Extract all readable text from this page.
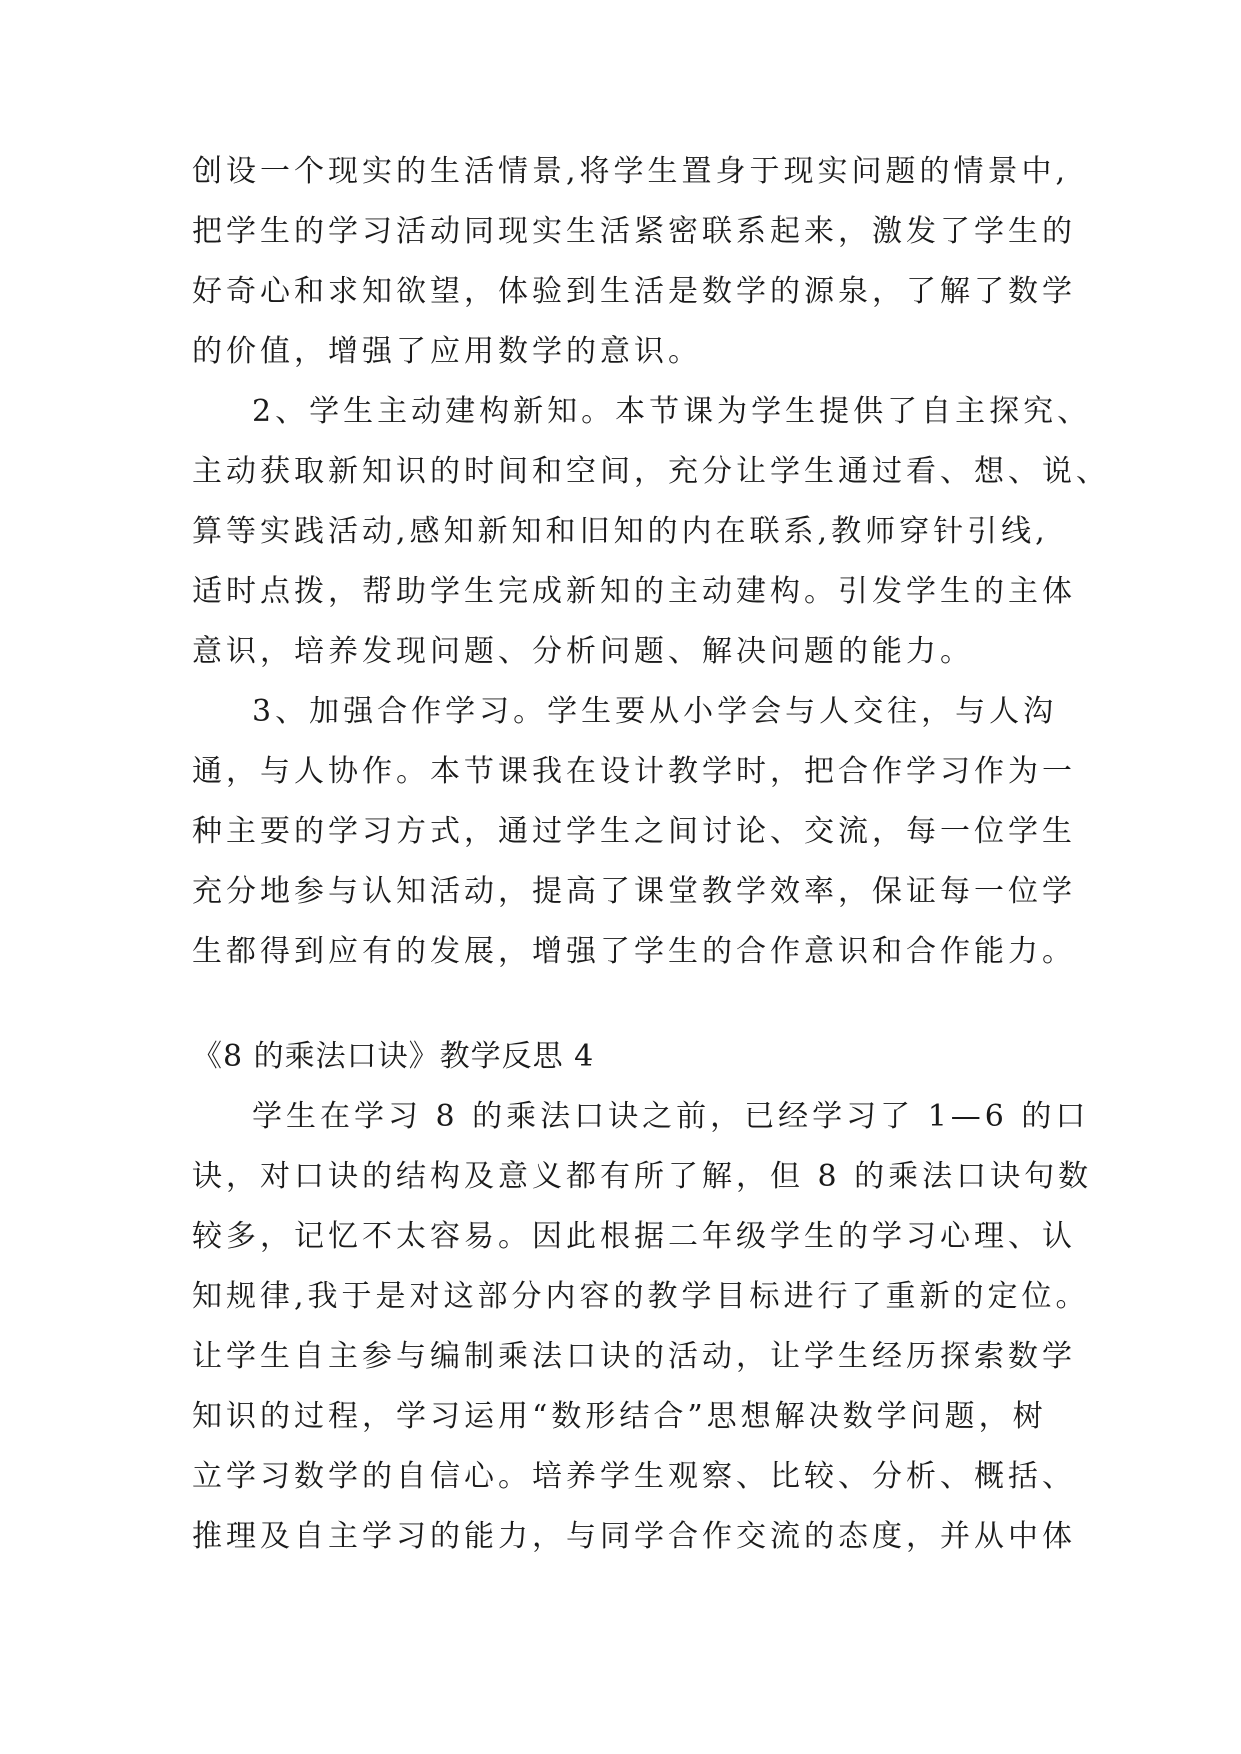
创设一个现实的生活情景,将学生置身于现实问题的情景中,
把学生的学习活动同现实生活紧密联系起来，激发了学生的
好奇心和求知欲望，体验到生活是数学的源泉，了解了数学
的价值，增强了应用数学的意识。
2、学生主动建构新知。本节课为学生提供了自主探究、
主动获取新知识的时间和空间，充分让学生通过看、想、说、
算等实践活动,感知新知和旧知的内在联系,教师穿针引线,
适时点拨，帮助学生完成新知的主动建构。引发学生的主体
意识，培养发现问题、分析问题、解决问题的能力。
3、加强合作学习。学生要从小学会与人交往，与人沟
通，与人协作。本节课我在设计教学时，把合作学习作为一
种主要的学习方式，通过学生之间讨论、交流，每一位学生
充分地参与认知活动，提高了课堂教学效率，保证每一位学
生都得到应有的发展，增强了学生的合作意识和合作能力。
《8 的乘法口诀》教学反思 4
学生在学习 8 的乘法口诀之前，已经学习了 1—6 的口
诀，对口诀的结构及意义都有所了解，但 8 的乘法口诀句数
较多，记忆不太容易。因此根据二年级学生的学习心理、认
知规律,我于是对这部分内容的教学目标进行了重新的定位。
让学生自主参与编制乘法口诀的活动，让学生经历探索数学
知识的过程，学习运用“数形结合”思想解决数学问题，树
立学习数学的自信心。培养学生观察、比较、分析、概括、
推理及自主学习的能力，与同学合作交流的态度，并从中体
